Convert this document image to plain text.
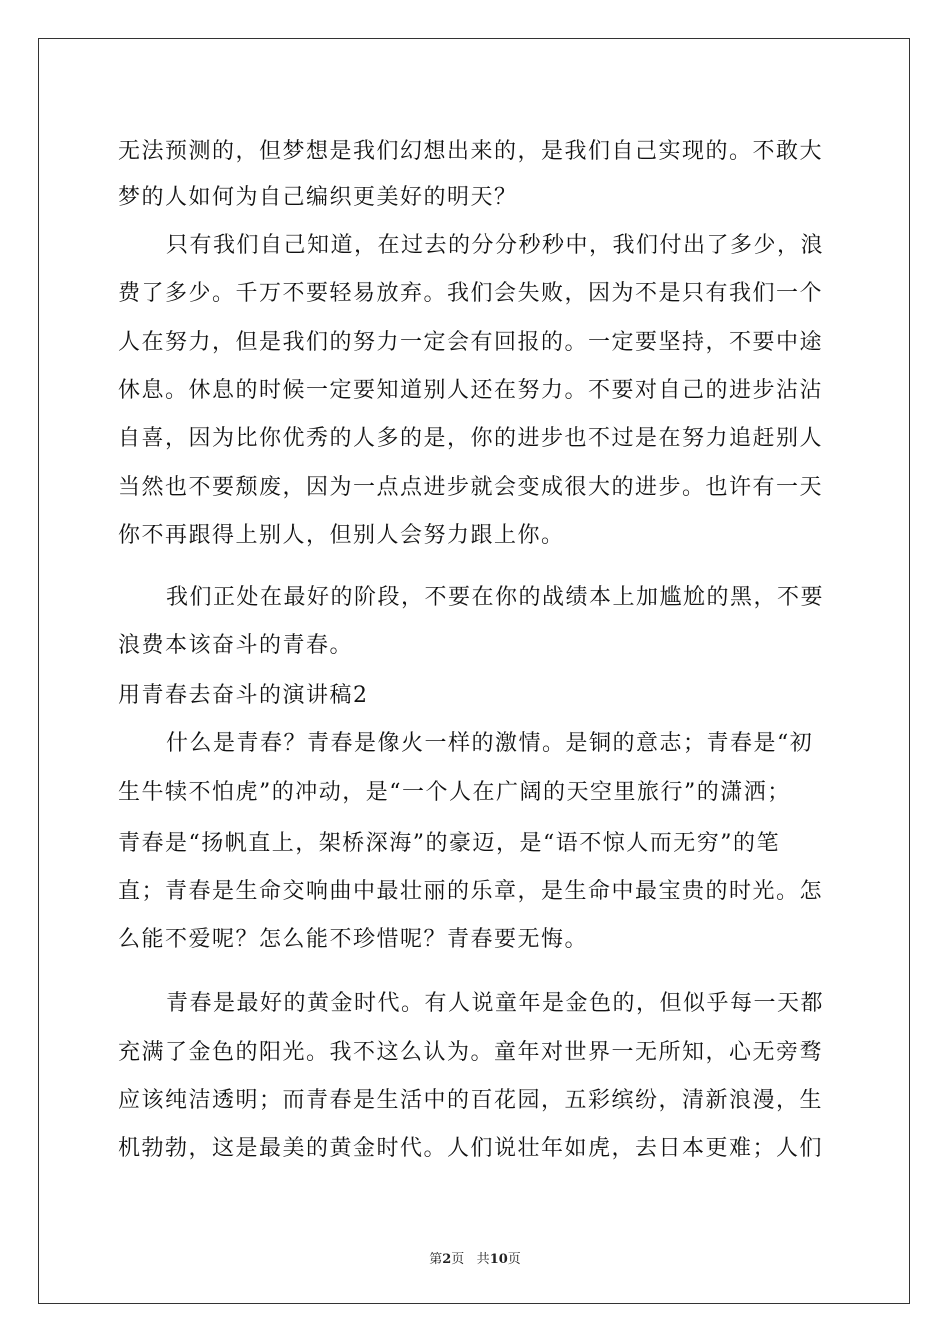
无法预测的，但梦想是我们幻想出来的，是我们自己实现的。不敢大
梦的人如何为自己编织更美好的明天？
只有我们自己知道，在过去的分分秒秒中，我们付出了多少，浪
费了多少。千万不要轻易放弃。我们会失败，因为不是只有我们一个
人在努力，但是我们的努力一定会有回报的。一定要坚持，不要中途
休息。休息的时候一定要知道别人还在努力。不要对自己的进步沾沾
自喜，因为比你优秀的人多的是，你的进步也不过是在努力追赶别人
当然也不要颓废，因为一点点进步就会变成很大的进步。也许有一天
你不再跟得上别人，但别人会努力跟上你。
我们正处在最好的阶段，不要在你的战绩本上加尴尬的黑，不要
浪费本该奋斗的青春。
用青春去奋斗的演讲稿2
什么是青春？青春是像火一样的激情。是铜的意志；青春是“初
生牛犊不怕虎”的冲动，是“一个人在广阔的天空里旅行”的潇洒；
青春是“扬帆直上，架桥深海”的豪迈，是“语不惊人而无穷”的笔
直；青春是生命交响曲中最壮丽的乐章，是生命中最宝贵的时光。怎
么能不爱呢？怎么能不珍惜呢？青春要无悔。
青春是最好的黄金时代。有人说童年是金色的，但似乎每一天都
充满了金色的阳光。我不这么认为。童年对世界一无所知，心无旁骛
应该纯洁透明；而青春是生活中的百花园，五彩缤纷，清新浪漫，生
机勃勃，这是最美的黄金时代。人们说壮年如虎，去日本更难；人们
第2页 共10页
